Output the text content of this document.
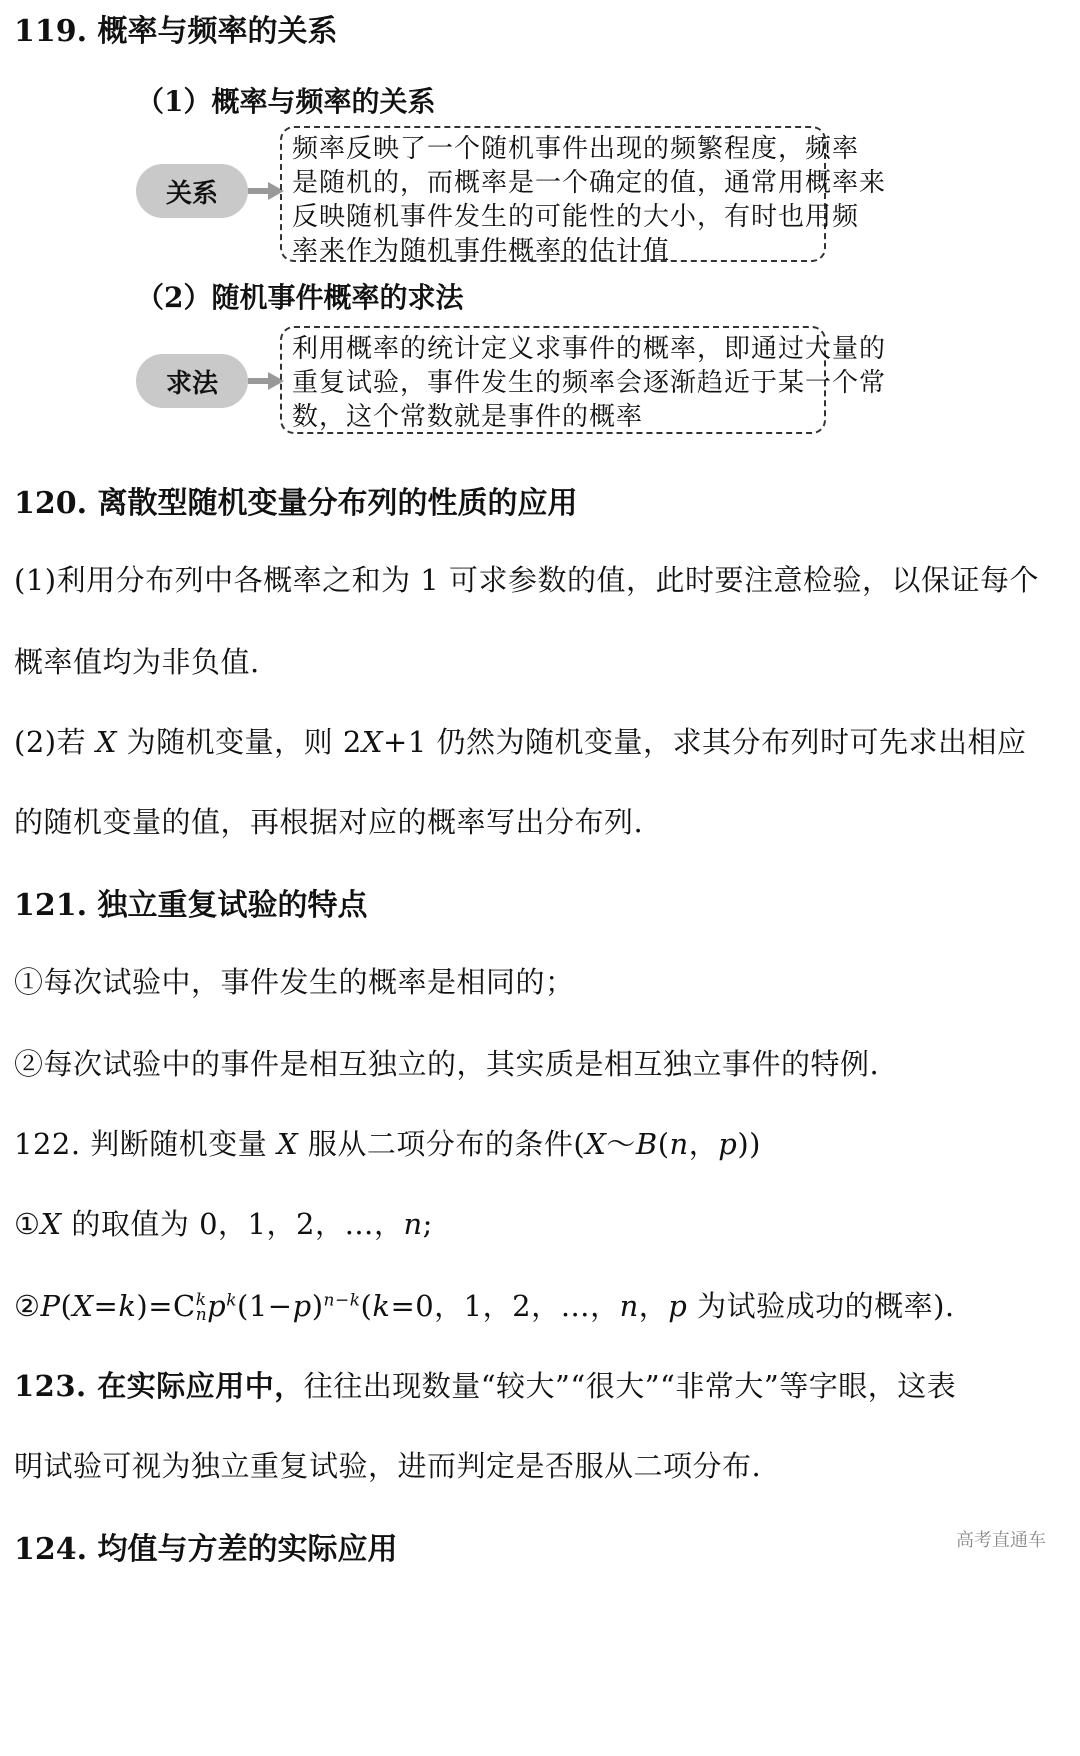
119. 概率与频率的关系
（1）概率与频率的关系
关系
频率反映了一个随机事件出现的频繁程度，频率
是随机的，而概率是一个确定的值，通常用概率来
反映随机事件发生的可能性的大小，有时也用频
率来作为随机事件概率的估计值
（2）随机事件概率的求法
求法
利用概率的统计定义求事件的概率，即通过大量的
重复试验，事件发生的频率会逐渐趋近于某一个常
数，这个常数就是事件的概率
120. 离散型随机变量分布列的性质的应用
(1)利用分布列中各概率之和为 1 可求参数的值，此时要注意检验，以保证每个
概率值均为非负值.
(2)若 X 为随机变量，则 2X+1 仍然为随机变量，求其分布列时可先求出相应
的随机变量的值，再根据对应的概率写出分布列.
121. 独立重复试验的特点
①每次试验中，事件发生的概率是相同的；
②每次试验中的事件是相互独立的，其实质是相互独立事件的特例.
122. 判断随机变量 X 服从二项分布的条件(X～B(n，p))
①X 的取值为 0，1，2，…，n;
②P(X=k)=C k
n $p^k(1-p)^{n-k}(k=0$，1，2，…，n，p 为试验成功的概率).
123. 在实际应用中，往往出现数量“较大”“很大”“非常大”等字眼，这表
明试验可视为独立重复试验，进而判定是否服从二项分布.
124. 均值与方差的实际应用	高考直通车
